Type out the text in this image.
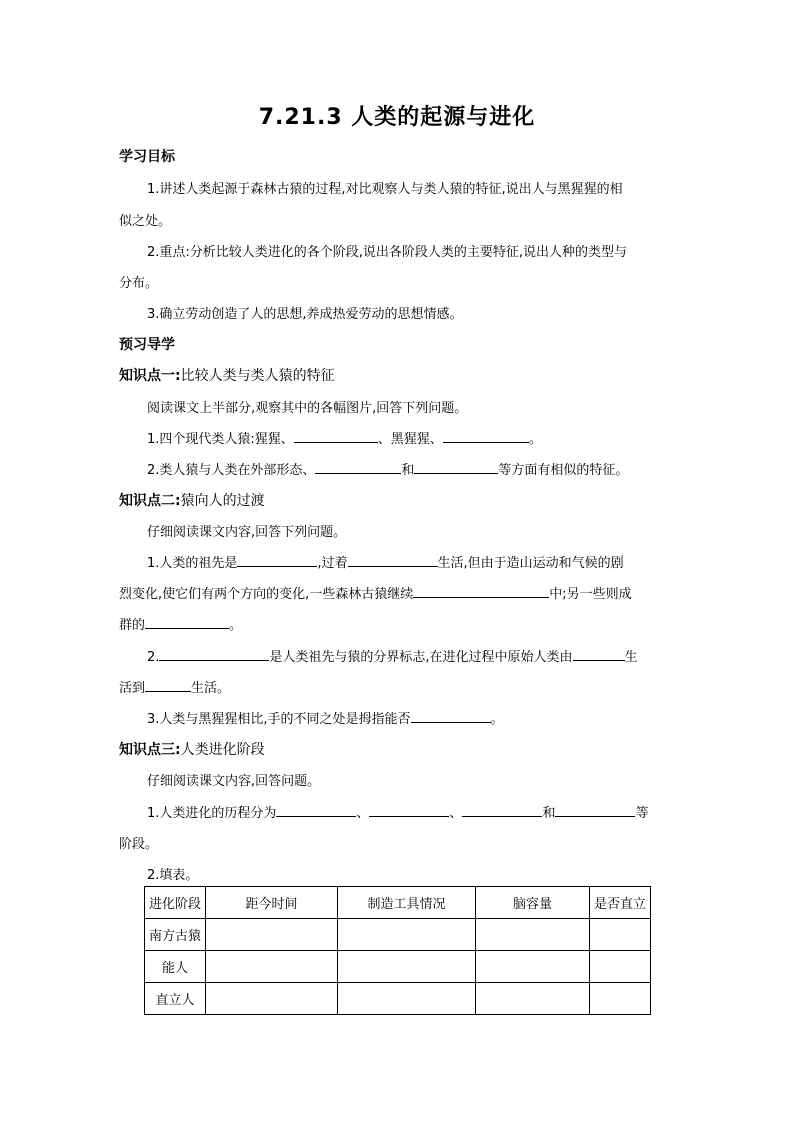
7.21.3 人类的起源与进化
学习目标
1.讲述人类起源于森林古猿的过程,对比观察人与类人猿的特征,说出人与黑猩猩的相
似之处。
2.重点:分析比较人类进化的各个阶段,说出各阶段人类的主要特征,说出人种的类型与
分布。
3.确立劳动创造了人的思想,养成热爱劳动的思想情感。
预习导学
知识点一:比较人类与类人猿的特征
阅读课文上半部分,观察其中的各幅图片,回答下列问题。
1.四个现代类人猿:猩猩、	、黑猩猩、	。
2.类人猿与人类在外部形态、	和	等方面有相似的特征。
知识点二:猿向人的过渡
仔细阅读课文内容,回答下列问题。
1.人类的祖先是	,过着	生活,但由于造山运动和气候的剧
烈变化,使它们有两个方向的变化,一些森林古猿继续	中;另一些则成
群的	。
2.	是人类祖先与猿的分界标志,在进化过程中原始人类由	生
活到	生活。
3.人类与黑猩猩相比,手的不同之处是拇指能否	。
知识点三:人类进化阶段
仔细阅读课文内容,回答问题。
1.人类进化的历程分为	、	、	和	等
阶段。
2.填表。
进化阶段	距今时间	制造工具情况	脑容量	是否直立
南方古猿				
能人				
直立人				
